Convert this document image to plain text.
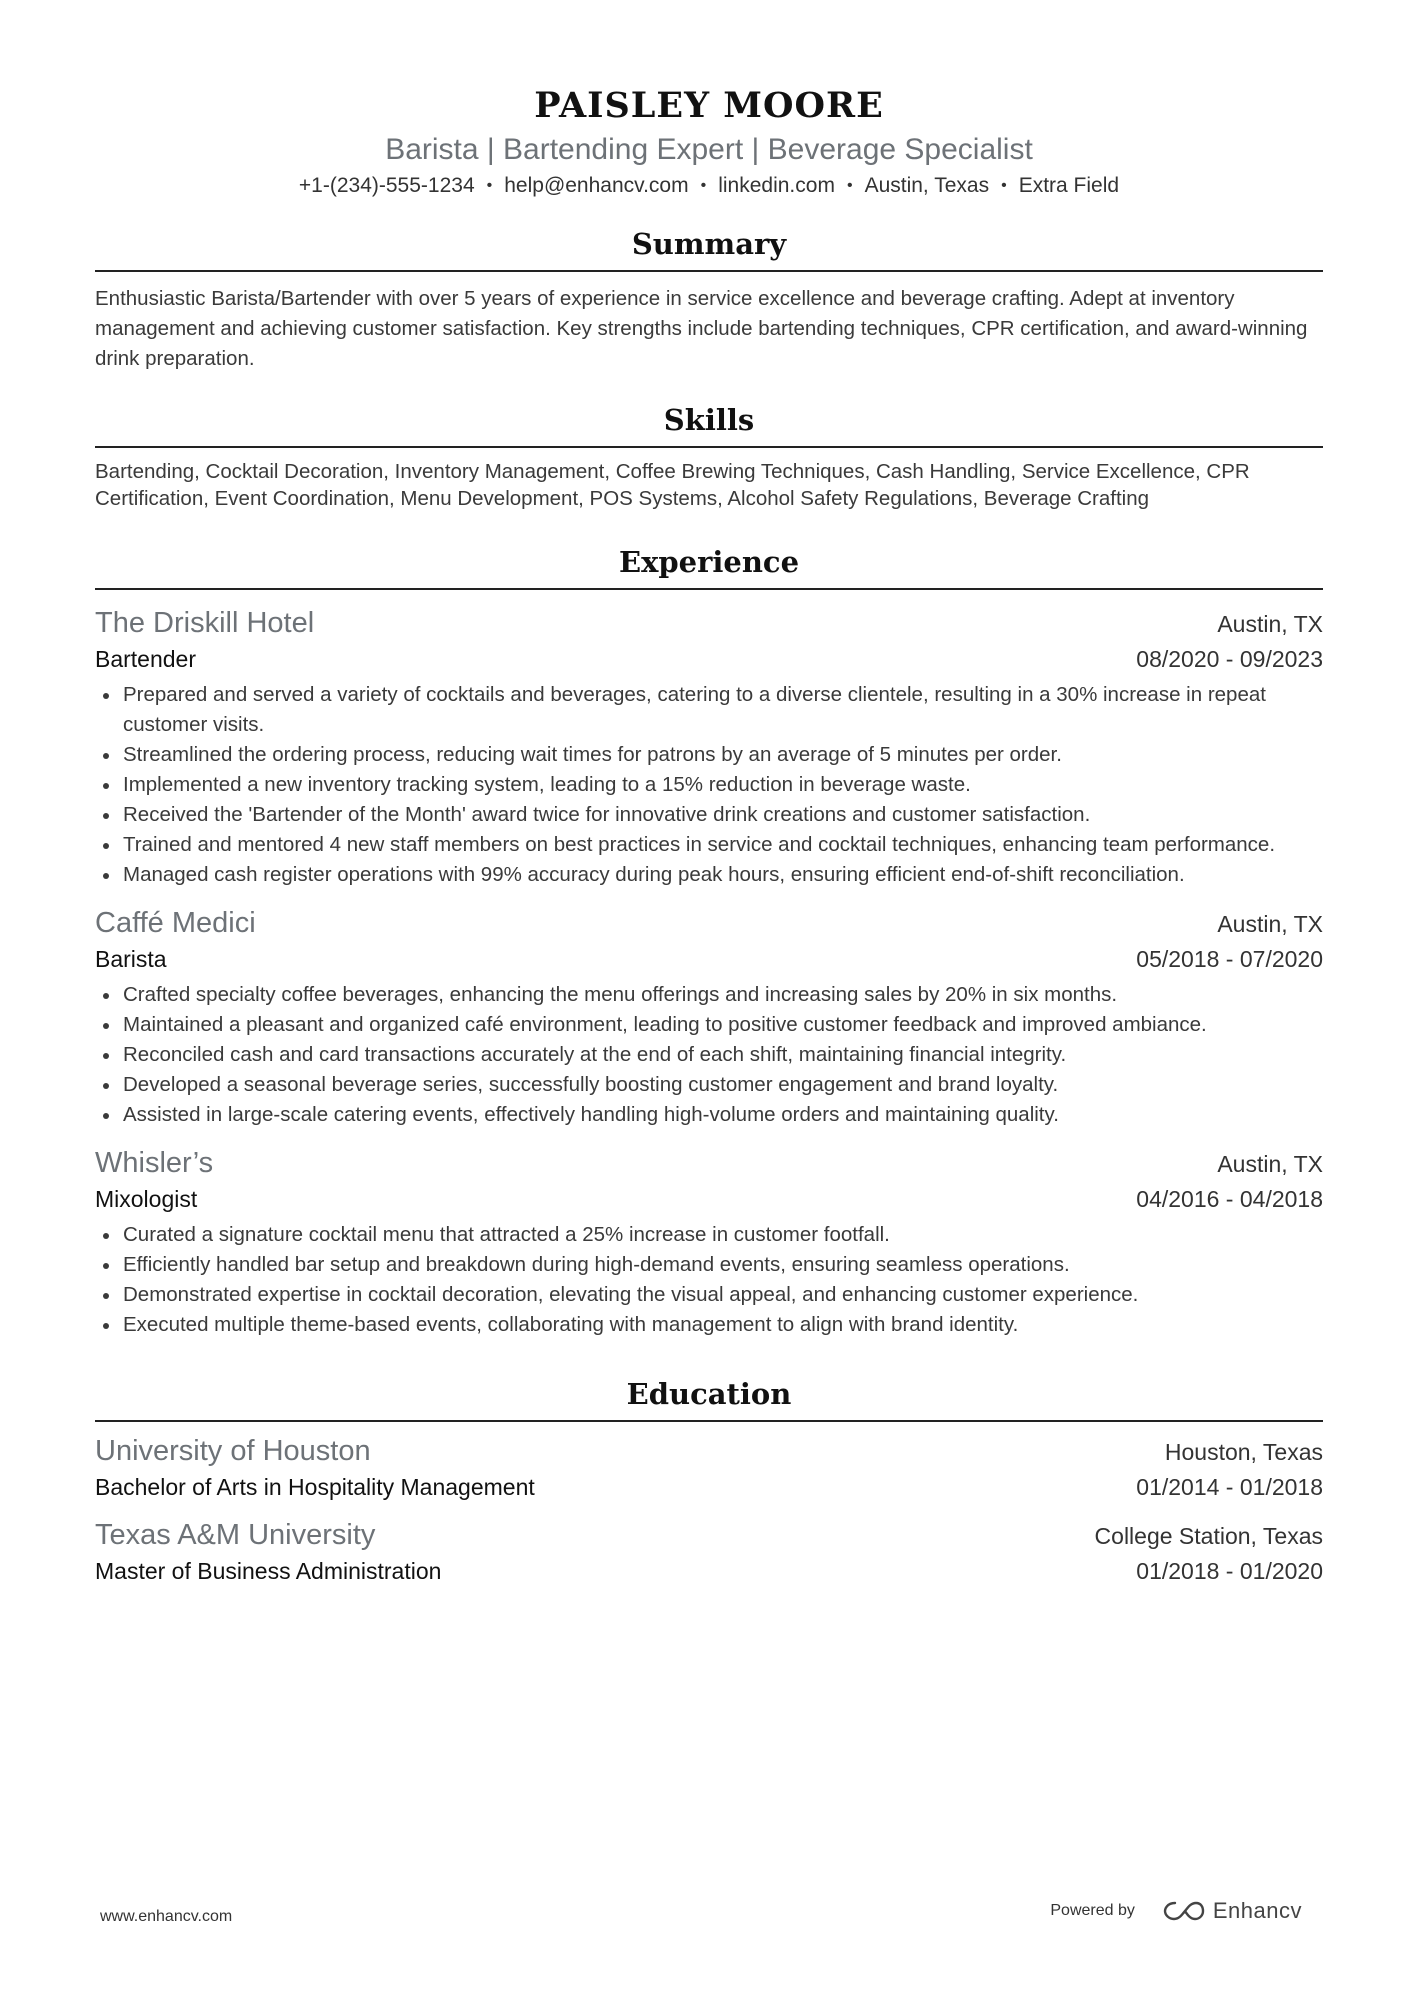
PAISLEY MOORE
Barista | Bartending Expert | Beverage Specialist
+1-(234)-555-1234 • help@enhancv.com • linkedin.com • Austin, Texas • Extra Field
Summary
Enthusiastic Barista/Bartender with over 5 years of experience in service excellence and beverage crafting. Adept at inventory management and achieving customer satisfaction. Key strengths include bartending techniques, CPR certification, and award-winning drink preparation.
Skills
Bartending, Cocktail Decoration, Inventory Management, Coffee Brewing Techniques, Cash Handling, Service Excellence, CPR Certification, Event Coordination, Menu Development, POS Systems, Alcohol Safety Regulations, Beverage Crafting
Experience
The Driskill Hotel	Austin, TX
Bartender	08/2020 - 09/2023
Prepared and served a variety of cocktails and beverages, catering to a diverse clientele, resulting in a 30% increase in repeat customer visits.
Streamlined the ordering process, reducing wait times for patrons by an average of 5 minutes per order.
Implemented a new inventory tracking system, leading to a 15% reduction in beverage waste.
Received the 'Bartender of the Month' award twice for innovative drink creations and customer satisfaction.
Trained and mentored 4 new staff members on best practices in service and cocktail techniques, enhancing team performance.
Managed cash register operations with 99% accuracy during peak hours, ensuring efficient end-of-shift reconciliation.
Caffé Medici	Austin, TX
Barista	05/2018 - 07/2020
Crafted specialty coffee beverages, enhancing the menu offerings and increasing sales by 20% in six months.
Maintained a pleasant and organized café environment, leading to positive customer feedback and improved ambiance.
Reconciled cash and card transactions accurately at the end of each shift, maintaining financial integrity.
Developed a seasonal beverage series, successfully boosting customer engagement and brand loyalty.
Assisted in large-scale catering events, effectively handling high-volume orders and maintaining quality.
Whisler’s	Austin, TX
Mixologist	04/2016 - 04/2018
Curated a signature cocktail menu that attracted a 25% increase in customer footfall.
Efficiently handled bar setup and breakdown during high-demand events, ensuring seamless operations.
Demonstrated expertise in cocktail decoration, elevating the visual appeal, and enhancing customer experience.
Executed multiple theme-based events, collaborating with management to align with brand identity.
Education
University of Houston	Houston, Texas
Bachelor of Arts in Hospitality Management	01/2014 - 01/2018
Texas A&M University	College Station, Texas
Master of Business Administration	01/2018 - 01/2020
www.enhancv.com	Powered by	Enhancv
